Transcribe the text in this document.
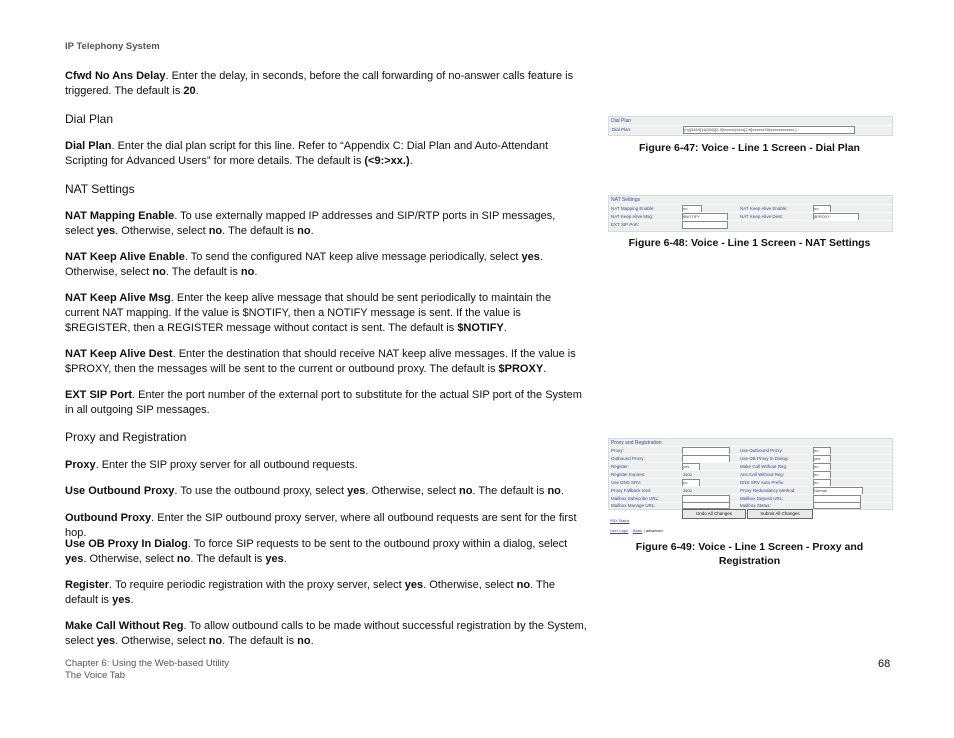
IP Telephony System

Cfwd No Ans Delay. Enter the delay, in seconds, before the call forwarding of no-answer calls feature is triggered. The default is 20.

Dial Plan

Dial Plan. Enter the dial plan script for this line. Refer to “Appendix C: Dial Plan and Auto-Attendant Scripting for Advanced Users” for more details. The default is (<9:>xx.).

NAT Settings

NAT Mapping Enable. To use externally mapped IP addresses and SIP/RTP ports in SIP messages, select yes. Otherwise, select no. The default is no.

NAT Keep Alive Enable. To send the configured NAT keep alive message periodically, select yes. Otherwise, select no. The default is no.

NAT Keep Alive Msg. Enter the keep alive message that should be sent periodically to maintain the current NAT mapping. If the value is $NOTIFY, then a NOTIFY message is sent. If the value is $REGISTER, then a REGISTER message without contact is sent. The default is $NOTIFY.

NAT Keep Alive Dest. Enter the destination that should receive NAT keep alive messages. If the value is $PROXY, then the messages will be sent to the current or outbound proxy. The default is $PROXY.

EXT SIP Port. Enter the port number of the external port to substitute for the actual SIP port of the System in all outgoing SIP messages.

Proxy and Registration

Proxy. Enter the SIP proxy server for all outbound requests.

Use Outbound Proxy. To use the outbound proxy, select yes. Otherwise, select no. The default is no.

Outbound Proxy. Enter the SIP outbound proxy server, where all outbound requests are sent for the first hop.

Use OB Proxy In Dialog. To force SIP requests to be sent to the outbound proxy within a dialog, select yes. Otherwise, select no. The default is yes.

Register. To require periodic registration with the proxy server, select yes. Otherwise, select no. The default is yes.

Make Call Without Reg. To allow outbound calls to be made without successful registration by the System, select yes. Otherwise, select no. The default is no.

Dial Plan
Dial Plan:	(*x|[3469]11|0|00|[2-9]xxxxxx|1xxx[2-9]xxxxxxS0|xxxxxxxxxxxx.)
Figure 6-47: Voice - Line 1 Screen - Dial Plan
NAT Settings
NAT Mapping Enable:	no	NAT Keep Alive Enable:	no
NAT Keep Alive Msg:	$NOTIFY	NAT Keep Alive Dest:	$PROXY
EXT SIP Port:
Figure 6-48: Voice - Line 1 Screen - NAT Settings
Proxy and Registration
Proxy:	Use Outbound Proxy:	no
Outbound Proxy:	Use OB Proxy In Dialog:	yes
Register:	yes	Make Call Without Reg:	no
Register Expires:	3600	Ans Call Without Reg:	no
Use DNS SRV:	no	DNS SRV Auto Prefix:	no
Proxy Fallback Intvl:	3600	Proxy Redundancy Method:	Normal
Mailbox Subscribe URL:	Mailbox Deposit URL:
Mailbox Manage URL:	Mailbox Status:
Undo All Changes	Submit All Changes
PBX Status
User Login Basic | advanced
Figure 6-49: Voice - Line 1 Screen - Proxy and
Registration
Chapter 6: Using the Web-based Utility
The Voice Tab
68
